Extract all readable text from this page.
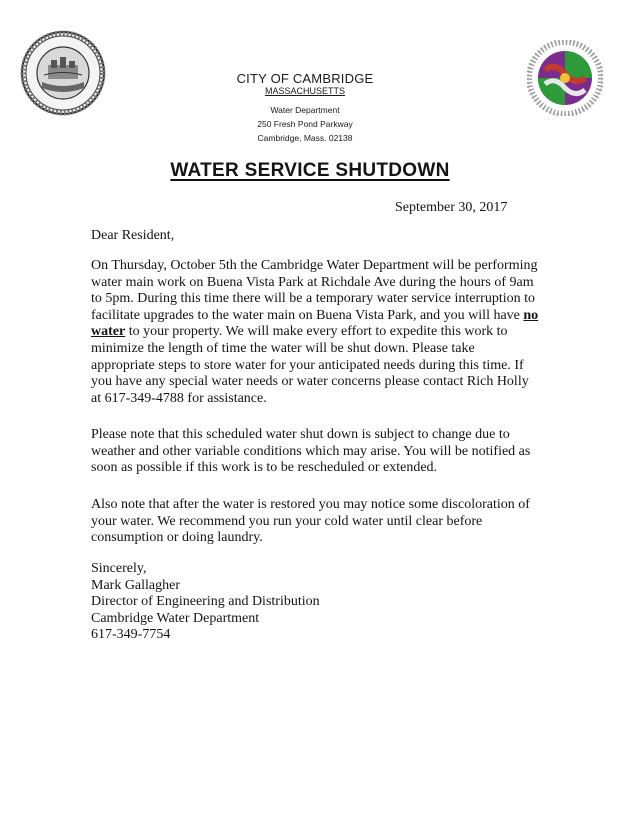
CITY OF CAMBRIDGE
MASSACHUSETTS
Water Department
250 Fresh Pond Parkway
Cambridge, Mass. 02138
WATER SERVICE SHUTDOWN
September 30, 2017
Dear Resident,

On Thursday, October 5th the Cambridge Water Department will be performing water main work on Buena Vista Park at Richdale Ave during the hours of 9am to 5pm. During this time there will be a temporary water service interruption to facilitate upgrades to the water main on Buena Vista Park, and you will have no water to your property. We will make every effort to expedite this work to minimize the length of time the water will be shut down. Please take appropriate steps to store water for your anticipated needs during this time. If you have any special water needs or water concerns please contact Rich Holly at 617-349-4788 for assistance.

Please note that this scheduled water shut down is subject to change due to weather and other variable conditions which may arise. You will be notified as soon as possible if this work is to be rescheduled or extended.

Also note that after the water is restored you may notice some discoloration of your water. We recommend you run your cold water until clear before consumption or doing laundry.

Sincerely,
Mark Gallagher
Director of Engineering and Distribution
Cambridge Water Department
617-349-7754
